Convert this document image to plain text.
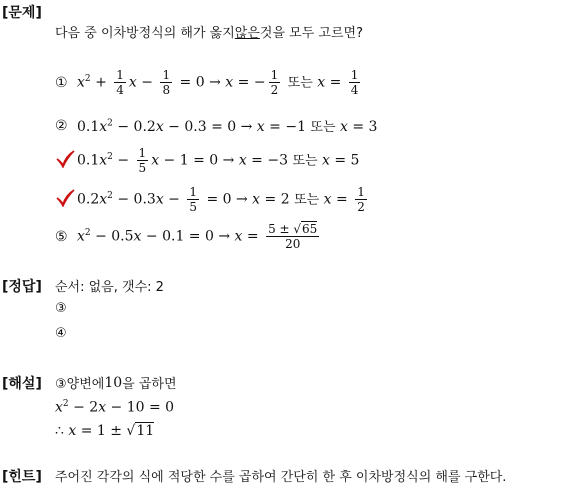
[문제]
다음 중 이차방정식의 해가 옳지 않은 것을 모두 고르면?
① $x^2 + \frac{1}{4}$ $x - \frac{1}{8} = 0 \to x$ = − $\frac{1}{2}$ 또는 $x = \frac{1}{4}$
② $0.1x^2 - 0.2x - 0.3 = 0 \to x = -1$ 또는 x = 3
$0.1x^2 - \frac{1}{5}$ x − 1 = 0 → x = −3 또는 x = 5
$0.2x^2 - 0.3x - \frac{1}{5} = 0 \to x = 2$ 또는 $x = \frac{1}{2}$
⑤ $x^2 - 0.5x - 0.1 = 0 \to x = \frac{5 \pm √65}{20}$
[정답] 순서: 없음, 갯수: 2
③
④
[해설] ③양변에 10 을 곱하면
$x^2 - 2x - 10 = 0$
∴ x = 1 ± √11
[힌트] 주어진 각각의 식에 적당한 수를 곱하여 간단히 한 후 이차방정식의 해를 구한다.
